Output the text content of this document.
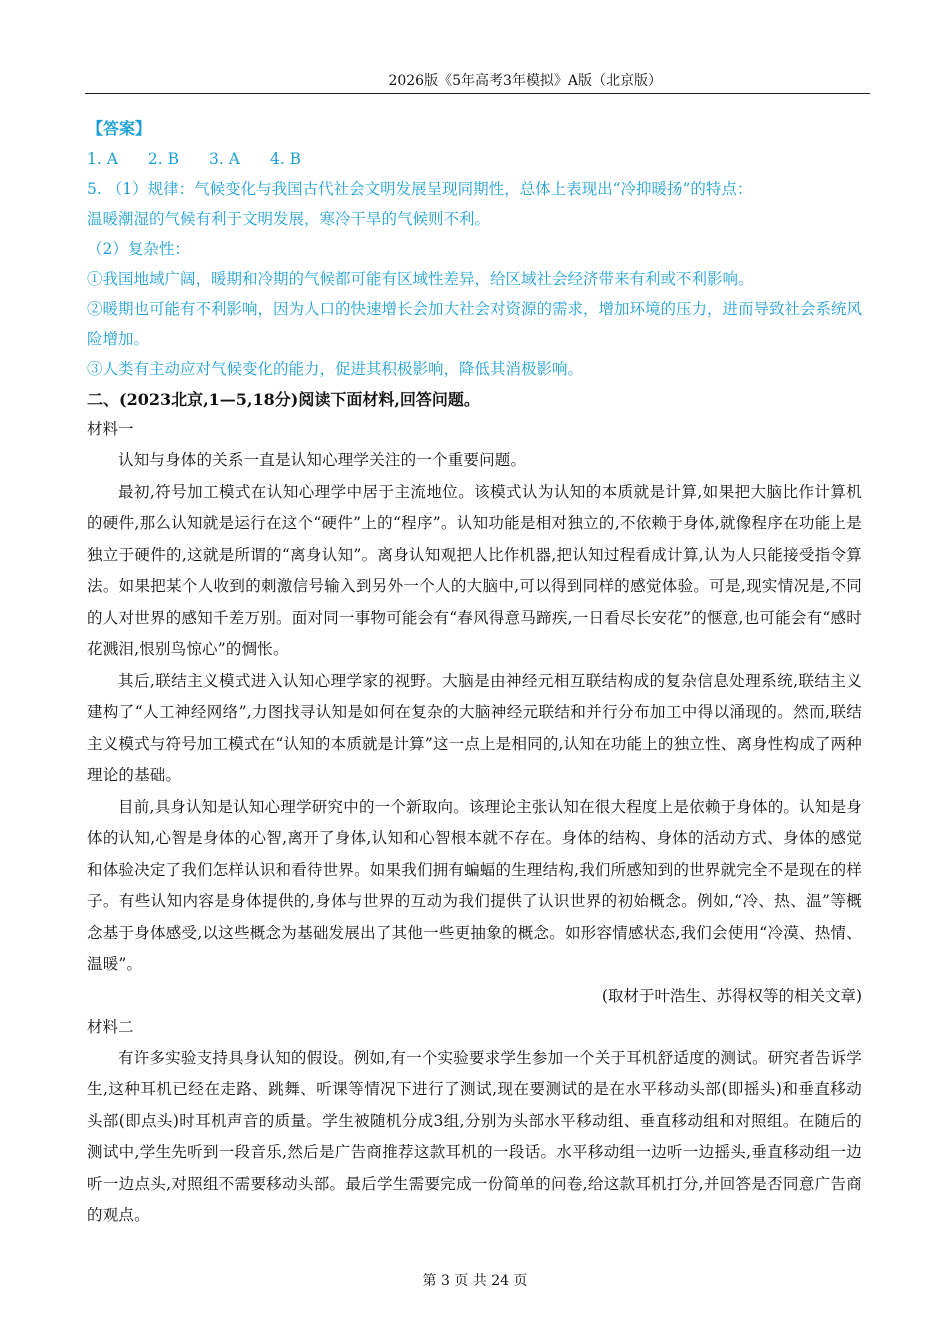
2026版《5年高考3年模拟》A版（北京版）
【答案】
1. A 2. B 3. A 4. B
5. （1）规律：气候变化与我国古代社会文明发展呈现同期性，总体上表现出“冷抑暖扬”的特点：
温暖潮湿的气候有利于文明发展，寒冷干旱的气候则不利。
（2）复杂性：
①我国地域广阔，暖期和冷期的气候都可能有区域性差异，给区域社会经济带来有利或不利影响。
②暖期也可能有不利影响，因为人口的快速增长会加大社会对资源的需求，增加环境的压力，进而导致社会系统风险增加。
③人类有主动应对气候变化的能力，促进其积极影响，降低其消极影响。
二、(2023北京,1—5,18分)阅读下面材料,回答问题。
材料一
认知与身体的关系一直是认知心理学关注的一个重要问题。
最初,符号加工模式在认知心理学中居于主流地位。该模式认为认知的本质就是计算,如果把大脑比作计算机的硬件,那么认知就是运行在这个“硬件”上的“程序”。认知功能是相对独立的,不依赖于身体,就像程序在功能上是独立于硬件的,这就是所谓的“离身认知”。离身认知观把人比作机器,把认知过程看成计算,认为人只能接受指令算法。如果把某个人收到的刺激信号输入到另外一个人的大脑中,可以得到同样的感觉体验。可是,现实情况是,不同的人对世界的感知千差万别。面对同一事物可能会有“春风得意马蹄疾,一日看尽长安花”的惬意,也可能会有“感时花溅泪,恨别鸟惊心”的惆怅。
其后,联结主义模式进入认知心理学家的视野。大脑是由神经元相互联结构成的复杂信息处理系统,联结主义建构了“人工神经网络”,力图找寻认知是如何在复杂的大脑神经元联结和并行分布加工中得以涌现的。然而,联结主义模式与符号加工模式在“认知的本质就是计算”这一点上是相同的,认知在功能上的独立性、离身性构成了两种理论的基础。
目前,具身认知是认知心理学研究中的一个新取向。该理论主张认知在很大程度上是依赖于身体的。认知是身体的认知,心智是身体的心智,离开了身体,认知和心智根本就不存在。身体的结构、身体的活动方式、身体的感觉和体验决定了我们怎样认识和看待世界。如果我们拥有蝙蝠的生理结构,我们所感知到的世界就完全不是现在的样子。有些认知内容是身体提供的,身体与世界的互动为我们提供了认识世界的初始概念。例如,“冷、热、温”等概念基于身体感受,以这些概念为基础发展出了其他一些更抽象的概念。如形容情感状态,我们会使用“冷漠、热情、温暖”。
(取材于叶浩生、苏得权等的相关文章)
材料二
有许多实验支持具身认知的假设。例如,有一个实验要求学生参加一个关于耳机舒适度的测试。研究者告诉学生,这种耳机已经在走路、跳舞、听课等情况下进行了测试,现在要测试的是在水平移动头部(即摇头)和垂直移动头部(即点头)时耳机声音的质量。学生被随机分成3组,分别为头部水平移动组、垂直移动组和对照组。在随后的测试中,学生先听到一段音乐,然后是广告商推荐这款耳机的一段话。水平移动组一边听一边摇头,垂直移动组一边听一边点头,对照组不需要移动头部。最后学生需要完成一份简单的问卷,给这款耳机打分,并回答是否同意广告商的观点。
第 3 页 共 24 页
